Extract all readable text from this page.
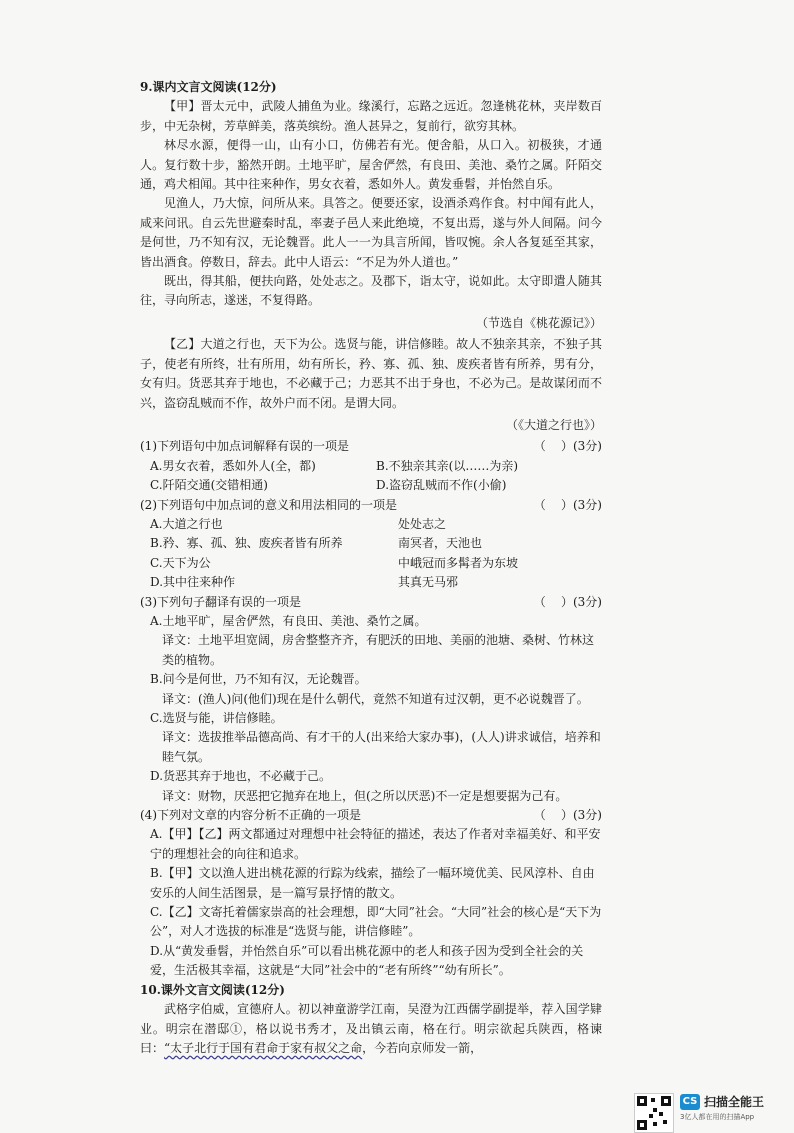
9.课内文言文阅读(12分)

【甲】晋太元中，武陵人捕鱼为业。缘溪行，忘路之远近。忽逢桃花林，夹岸数百步，中无杂树，芳草鲜美，落英缤纷。渔人甚异之，复前行，欲穷其林。

林尽水源，便得一山，山有小口，仿佛若有光。便舍船，从口入。初极狭，才通人。复行数十步，豁然开朗。土地平旷，屋舍俨然，有良田、美池、桑竹之属。阡陌交通，鸡犬相闻。其中往来种作，男女衣着，悉如外人。黄发垂髫，并怡然自乐。

见渔人，乃大惊，问所从来。具答之。便要还家，设酒杀鸡作食。村中闻有此人，咸来问讯。自云先世避秦时乱，率妻子邑人来此绝境，不复出焉，遂与外人间隔。问今是何世，乃不知有汉，无论魏晋。此人一一为具言所闻，皆叹惋。余人各复延至其家，皆出酒食。停数日，辞去。此中人语云：“不足为外人道也。”

既出，得其船，便扶向路，处处志之。及郡下，诣太守，说如此。太守即遣人随其往，寻向所志，遂迷，不复得路。

（节选自《桃花源记》）

【乙】大道之行也，天下为公。选贤与能，讲信修睦。故人不独亲其亲，不独子其子，使老有所终，壮有所用，幼有所长，矜、寡、孤、独、废疾者皆有所养，男有分，女有归。货恶其弃于地也，不必藏于己；力恶其不出于身也，不必为己。是故谋闭而不兴，盗窃乱贼而不作，故外户而不闭。是谓大同。

（《大道之行也》）
(1)下列语句中加点词解释有误的一项是	（    ）(3分)
A.男女衣着，悉如外人(全，都)	B.不独亲其亲(以……为亲)
C.阡陌交通(交错相通)	D.盗窃乱贼而不作(小偷)
(2)下列语句中加点词的意义和用法相同的一项是	（    ）(3分)
A.大道之行也	处处志之
B.矜、寡、孤、独、废疾者皆有所养	南冥者，天池也
C.天下为公	中峨冠而多髯者为东坡
D.其中往来种作	其真无马邪
(3)下列句子翻译有误的一项是	（    ）(3分)
A.土地平旷，屋舍俨然，有良田、美池、桑竹之属。
译文：土地平坦宽阔，房舍整整齐齐，有肥沃的田地、美丽的池塘、桑树、竹林这类的植物。
B.问今是何世，乃不知有汉，无论魏晋。
译文：(渔人)问(他们)现在是什么朝代，竟然不知道有过汉朝，更不必说魏晋了。
C.选贤与能，讲信修睦。
译文：选拔推举品德高尚、有才干的人(出来给大家办事)，(人人)讲求诚信，培养和睦气氛。
D.货恶其弃于地也，不必藏于己。
译文：财物，厌恶把它抛弃在地上，但(之所以厌恶)不一定是想要据为己有。
(4)下列对文章的内容分析不正确的一项是	（    ）(3分)
A.【甲】【乙】两文都通过对理想中社会特征的描述，表达了作者对幸福美好、和平安宁的理想社会的向往和追求。
B.【甲】文以渔人进出桃花源的行踪为线索，描绘了一幅环境优美、民风淳朴、自由安乐的人间生活图景，是一篇写景抒情的散文。
C.【乙】文寄托着儒家崇高的社会理想，即“大同”社会。“大同”社会的核心是“天下为公”，对人才选拔的标准是“选贤与能，讲信修睦”。
D.从“黄发垂髫，并怡然自乐”可以看出桃花源中的老人和孩子因为受到全社会的关爱，生活极其幸福，这就是“大同”社会中的“老有所终”“幼有所长”。
10.课外文言文阅读(12分)

武格字伯威，宣德府人。初以神童游学江南，吴澄为江西儒学副提举，荐入国学肄业。明宗在潜邸①，格以说书秀才，及出镇云南，格在行。明宗欲起兵陕西，格谏曰：“太子北行于国有君命于家有叔父之命，今若向京师发一箭，

CS 扫描全能王
3亿人都在用的扫描App
